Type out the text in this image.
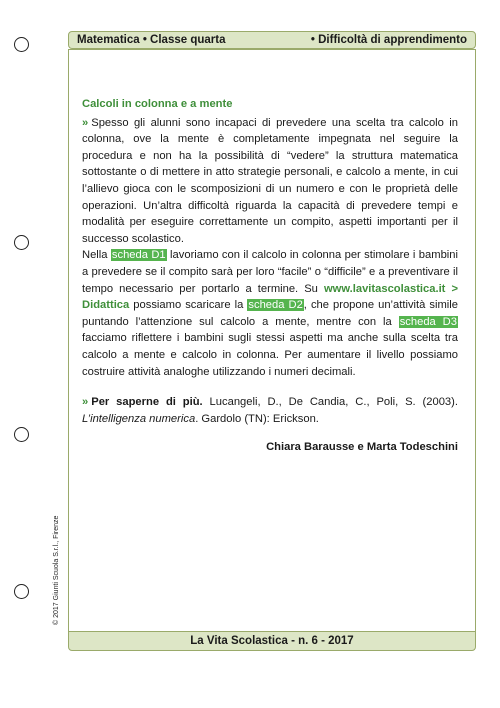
Matematica • Classe quarta	• Difficoltà di apprendimento
Calcoli in colonna e a mente

» Spesso gli alunni sono incapaci di prevedere una scelta tra calcolo in colonna, ove la mente è completamente impegnata nel seguire la procedura e non ha la possibilità di “vedere” la struttura matematica sottostante o di mettere in atto strategie personali, e calcolo a mente, in cui l’allievo gioca con le scomposizioni di un numero e con le proprietà delle operazioni. Un’altra difficoltà riguarda la capacità di prevedere tempi e modalità per eseguire correttamente un compito, aspetti importanti per il successo scolastico.

Nella scheda D1 lavoriamo con il calcolo in colonna per stimolare i bambini a prevedere se il compito sarà per loro “facile” o “difficile” e a preventivare il tempo necessario per portarlo a termine. Su www.lavitascolastica.it > Didattica possiamo scaricare la scheda D2, che propone un’attività simile puntando l’attenzione sul calcolo a mente, mentre con la scheda D3 facciamo riflettere i bambini sugli stessi aspetti ma anche sulla scelta tra calcolo a mente e calcolo in colonna. Per aumentare il livello possiamo costruire attività analoghe utilizzando i numeri decimali.

» Per saperne di più. Lucangeli, D., De Candia, C., Poli, S. (2003). L’intelligenza numerica. Gardolo (TN): Erickson.

Chiara Barausse e Marta Todeschini
La Vita Scolastica - n. 6 - 2017
© 2017 Giunti Scuola S.r.l., Firenze
